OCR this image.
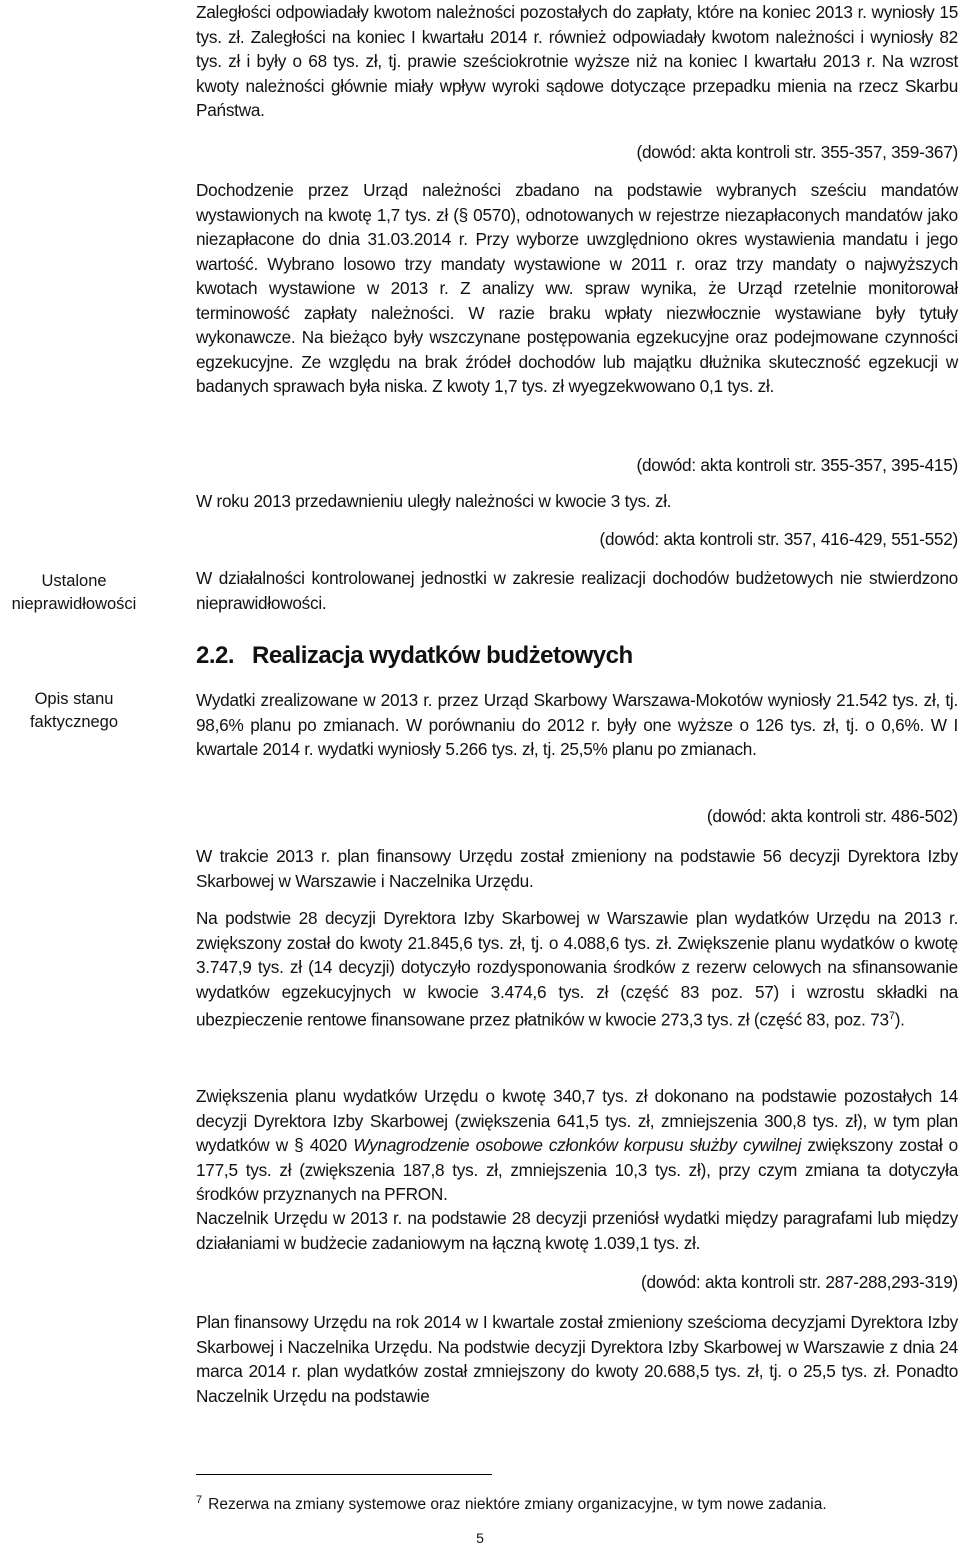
Zaległości odpowiadały kwotom należności pozostałych do zapłaty, które na koniec 2013 r. wyniosły 15 tys. zł. Zaległości na koniec I kwartału 2014 r. również odpowiadały kwotom należności i wyniosły 82 tys. zł i były o 68 tys. zł, tj. prawie sześciokrotnie wyższe niż na koniec I kwartału 2013 r. Na wzrost kwoty należności głównie miały wpływ wyroki sądowe dotyczące przepadku mienia na rzecz Skarbu Państwa.

(dowód: akta kontroli str. 355-357, 359-367)

Dochodzenie przez Urząd należności zbadano na podstawie wybranych sześciu mandatów wystawionych na kwotę 1,7 tys. zł (§ 0570), odnotowanych w rejestrze niezapłaconych mandatów jako niezapłacone do dnia 31.03.2014 r. Przy wyborze uwzględniono okres wystawienia mandatu i jego wartość. Wybrano losowo trzy mandaty wystawione w 2011 r. oraz trzy mandaty o najwyższych kwotach wystawione w 2013 r. Z analizy ww. spraw wynika, że Urząd rzetelnie monitorował terminowość zapłaty należności. W razie braku wpłaty niezwłocznie wystawiane były tytuły wykonawcze. Na bieżąco były wszczynane postępowania egzekucyjne oraz podejmowane czynności egzekucyjne. Ze względu na brak źródeł dochodów lub majątku dłużnika skuteczność egzekucji w badanych sprawach była niska. Z kwoty 1,7 tys. zł wyegzekwowano 0,1 tys. zł.

(dowód: akta kontroli str. 355-357, 395-415)

W roku 2013 przedawnieniu uległy należności w kwocie 3 tys. zł.

(dowód: akta kontroli str. 357, 416-429, 551-552)

Ustalone nieprawidłowości

W działalności kontrolowanej jednostki w zakresie realizacji dochodów budżetowych nie stwierdzono nieprawidłowości.

2.2. Realizacja wydatków budżetowych
Opis stanu faktycznego

Wydatki zrealizowane w 2013 r. przez Urząd Skarbowy Warszawa-Mokotów wyniosły 21.542 tys. zł, tj. 98,6% planu po zmianach. W porównaniu do 2012 r. były one wyższe o 126 tys. zł, tj. o 0,6%. W I kwartale 2014 r. wydatki wyniosły 5.266 tys. zł, tj. 25,5% planu po zmianach.

(dowód: akta kontroli str. 486-502)

W trakcie 2013 r. plan finansowy Urzędu został zmieniony na podstawie 56 decyzji Dyrektora Izby Skarbowej w Warszawie i Naczelnika Urzędu.

Na podstwie 28 decyzji Dyrektora Izby Skarbowej w Warszawie plan wydatków Urzędu na 2013 r. zwiększony został do kwoty 21.845,6 tys. zł, tj. o 4.088,6 tys. zł. Zwiększenie planu wydatków o kwotę 3.747,9 tys. zł (14 decyzji) dotyczyło rozdysponowania środków z rezerw celowych na sfinansowanie wydatków egzekucyjnych w kwocie 3.474,6 tys. zł (część 83 poz. 57) i wzrostu składki na ubezpieczenie rentowe finansowane przez płatników w kwocie 273,3 tys. zł (część 83, poz. $73^7$).

Zwiększenia planu wydatków Urzędu o kwotę 340,7 tys. zł dokonano na podstawie pozostałych 14 decyzji Dyrektora Izby Skarbowej (zwiększenia 641,5 tys. zł, zmniejszenia 300,8 tys. zł), w tym plan wydatków w § 4020 Wynagrodzenie osobowe członków korpusu służby cywilnej zwiększony został o 177,5 tys. zł (zwiększenia 187,8 tys. zł, zmniejszenia 10,3 tys. zł), przy czym zmiana ta dotyczyła środków przyznanych na PFRON.

Naczelnik Urzędu w 2013 r. na podstawie 28 decyzji przeniósł wydatki między paragrafami lub między działaniami w budżecie zadaniowym na łączną kwotę 1.039,1 tys. zł.

(dowód: akta kontroli str. 287-288,293-319)

Plan finansowy Urzędu na rok 2014 w I kwartale został zmieniony sześcioma decyzjami Dyrektora Izby Skarbowej i Naczelnika Urzędu. Na podstwie decyzji Dyrektora Izby Skarbowej w Warszawie z dnia 24 marca 2014 r. plan wydatków został zmniejszony do kwoty 20.688,5 tys. zł, tj. o 25,5 tys. zł. Ponadto Naczelnik Urzędu na podstawie

$^7$ Rezerwa na zmiany systemowe oraz niektóre zmiany organizacyjne, w tym nowe zadania.
5
